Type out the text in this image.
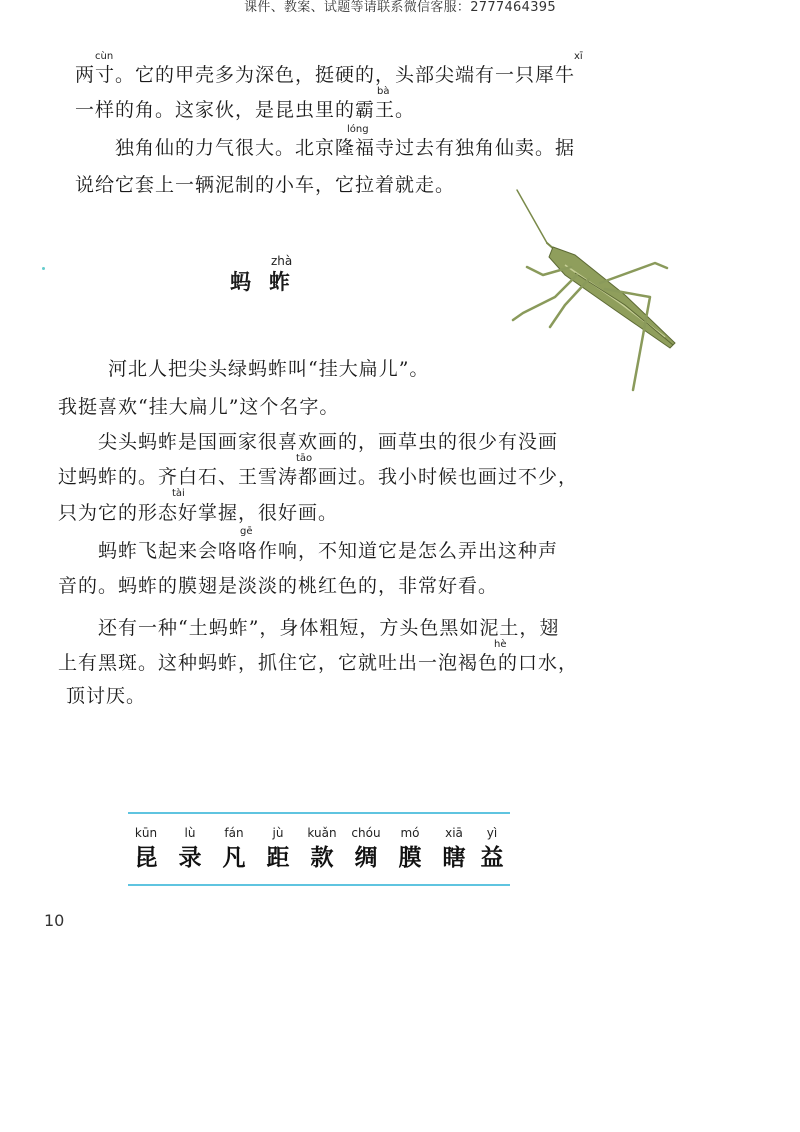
课件、教案、试题等请联系微信客服：2777464395
cùn	xī
两寸。它的甲壳多为深色，挺硬的，头部尖端有一只犀牛
bà
一样的角。这家伙，是昆虫里的霸王。
lóng
独角仙的力气很大。北京隆福寺过去有独角仙卖。据
说给它套上一辆泥制的小车，它拉着就走。
zhà
蚂 蚱
河北人把尖头绿蚂蚱叫“挂大扁儿”。
我挺喜欢“挂大扁儿”这个名字。
尖头蚂蚱是国画家很喜欢画的，画草虫的很少有没画
tāo
过蚂蚱的。齐白石、王雪涛都画过。我小时候也画过不少，
tài
只为它的形态好掌握，很好画。
gē
蚂蚱飞起来会咯咯作响，不知道它是怎么弄出这种声
音的。蚂蚱的膜翅是淡淡的桃红色的，非常好看。
还有一种“土蚂蚱”，身体粗短，方头色黑如泥土，翅
hè
上有黑斑。这种蚂蚱，抓住它，它就吐出一泡褐色的口水，
顶讨厌。
kūn
昆
lù
录
fán
凡
jù
距
kuǎn
款
chóu
绸
mó
膜
xiā
瞎
yì
益
10
